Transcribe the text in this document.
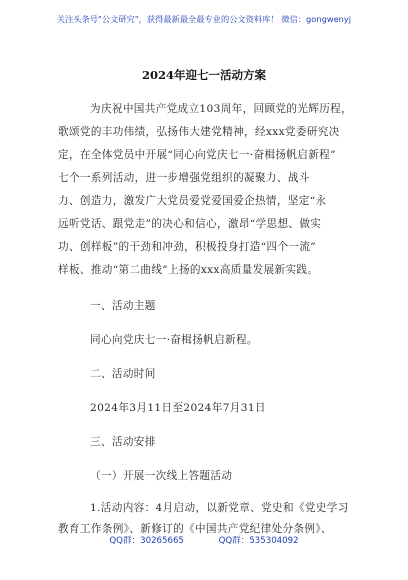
关注头条号"公文研究"，获得最新最全最专业的公文资料库！ 微信：gongwenyj
2024年迎七一活动方案
为庆祝中国共产党成立103周年，回顾党的光辉历程，
歌颂党的丰功伟绩，弘扬伟大建党精神，经xxx党委研究决
定，在全体党员中开展“同心向党庆七一·奋楫扬帆启新程”
七个一系列活动，进一步增强党组织的凝聚力、战斗
力、创造力，激发广大党员爱党爱国爱企热情，坚定“永
远听党话、跟党走”的决心和信心，激昂“学思想、做实
功、创样板”的干劲和冲劲，积极投身打造“四个一流”
样板、推动“第二曲线”上扬的xxx高质量发展新实践。
一、活动主题
同心向党庆七一·奋楫扬帆启新程。
二、活动时间
2024年3月11日至2024年7月31日
三、活动安排
（一）开展一次线上答题活动
1.活动内容：4月启动，以新党章、党史和《党史学习
教育工作条例》、新修订的《中国共产党纪律处分条例》、
QQ群：30265665	QQ群：535304092
